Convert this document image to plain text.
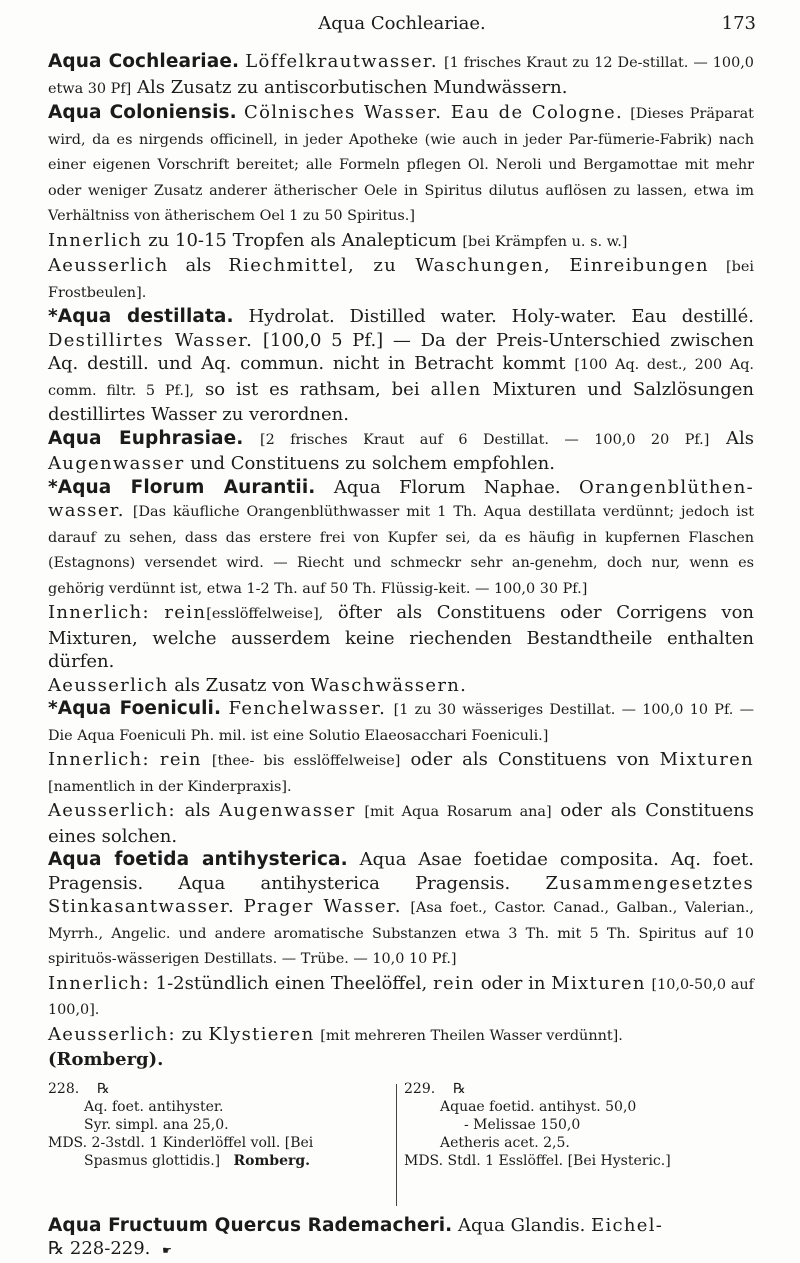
Aqua Cochleariae.	173

Aqua Cochleariae. Löffelkrautwasser. [1 frisches Kraut zu 12 De-stillat. — 100,0 etwa 30 Pf] Als Zusatz zu antiscorbutischen Mundwässern.

Aqua Coloniensis. Cölnisches Wasser. Eau de Cologne. [Dieses Präparat wird, da es nirgends officinell, in jeder Apotheke (wie auch in jeder Par-fümerie-Fabrik) nach einer eigenen Vorschrift bereitet; alle Formeln pflegen Ol. Neroli und Bergamottae mit mehr oder weniger Zusatz anderer ätherischer Oele in Spiritus dilutus auflösen zu lassen, etwa im Verhältniss von ätherischem Oel 1 zu 50 Spiritus.]
Innerlich zu 10-15 Tropfen als Analepticum [bei Krämpfen u. s. w.]
Aeusserlich als Riechmittel, zu Waschungen, Einreibungen [bei Frostbeulen].

*Aqua destillata. Hydrolat. Distilled water. Holy-water. Eau destillé. Destillirtes Wasser. [100,0 5 Pf.] — Da der Preis-Unterschied zwischen Aq. destill. und Aq. commun. nicht in Betracht kommt [100 Aq. dest., 200 Aq. comm. filtr. 5 Pf.], so ist es rathsam, bei allen Mixturen und Salzlösungen destillirtes Wasser zu verordnen.

Aqua Euphrasiae. [2 frisches Kraut auf 6 Destillat. — 100,0 20 Pf.] Als Augenwasser und Constituens zu solchem empfohlen.

*Aqua Florum Aurantii. Aqua Florum Naphae. Orangenblüthen-wasser. [Das käufliche Orangenblüthwasser mit 1 Th. Aqua destillata verdünnt; jedoch ist darauf zu sehen, dass das erstere frei von Kupfer sei, da es häufig in kupfernen Flaschen (Estagnons) versendet wird. — Riecht und schmeckr sehr an-genehm, doch nur, wenn es gehörig verdünnt ist, etwa 1-2 Th. auf 50 Th. Flüssig-keit. — 100,0 30 Pf.]
Innerlich: rein[esslöffelweise], öfter als Constituens oder Corrigens von Mixturen, welche ausserdem keine riechenden Bestandtheile enthalten dürfen.
Aeusserlich als Zusatz von Waschwässern.

*Aqua Foeniculi. Fenchelwasser. [1 zu 30 wässeriges Destillat. — 100,0 10 Pf. — Die Aqua Foeniculi Ph. mil. ist eine Solutio Elaeosacchari Foeniculi.]
Innerlich: rein [thee- bis esslöffelweise] oder als Constituens von Mixturen [namentlich in der Kinderpraxis].
Aeusserlich: als Augenwasser [mit Aqua Rosarum ana] oder als Constituens eines solchen.

Aqua foetida antihysterica. Aqua Asae foetidae composita. Aq. foet. Pragensis. Aqua antihysterica Pragensis. Zusammengesetztes Stinkasantwasser. Prager Wasser. [Asa foet., Castor. Canad., Galban., Valerian., Myrrh., Angelic. und andere aromatische Substanzen etwa 3 Th. mit 5 Th. Spiritus auf 10 spirituös-wässerigen Destillats. — Trübe. — 10,0 10 Pf.]
Innerlich: 1-2stündlich einen Theelöffel, rein oder in Mixturen [10,0-50,0 auf 100,0].
Aeusserlich: zu Klystieren [mit mehreren Theilen Wasser verdünnt].
(Romberg).

228. ℞
Aq. foet. antihyster.
Syr. simpl. ana 25,0.
MDS. 2-3stdl. 1 Kinderlöffel voll. [Bei
Spasmus glottidis.] Romberg.
229. ℞
Aquae foetid. antihyst. 50,0
- Melissae 150,0
Aetheris acet. 2,5.
MDS. Stdl. 1 Esslöffel. [Bei Hysteric.]

Aqua Fructuum Quercus Rademacheri. Aqua Glandis. Eichel-
℞ 228-229. ☛
